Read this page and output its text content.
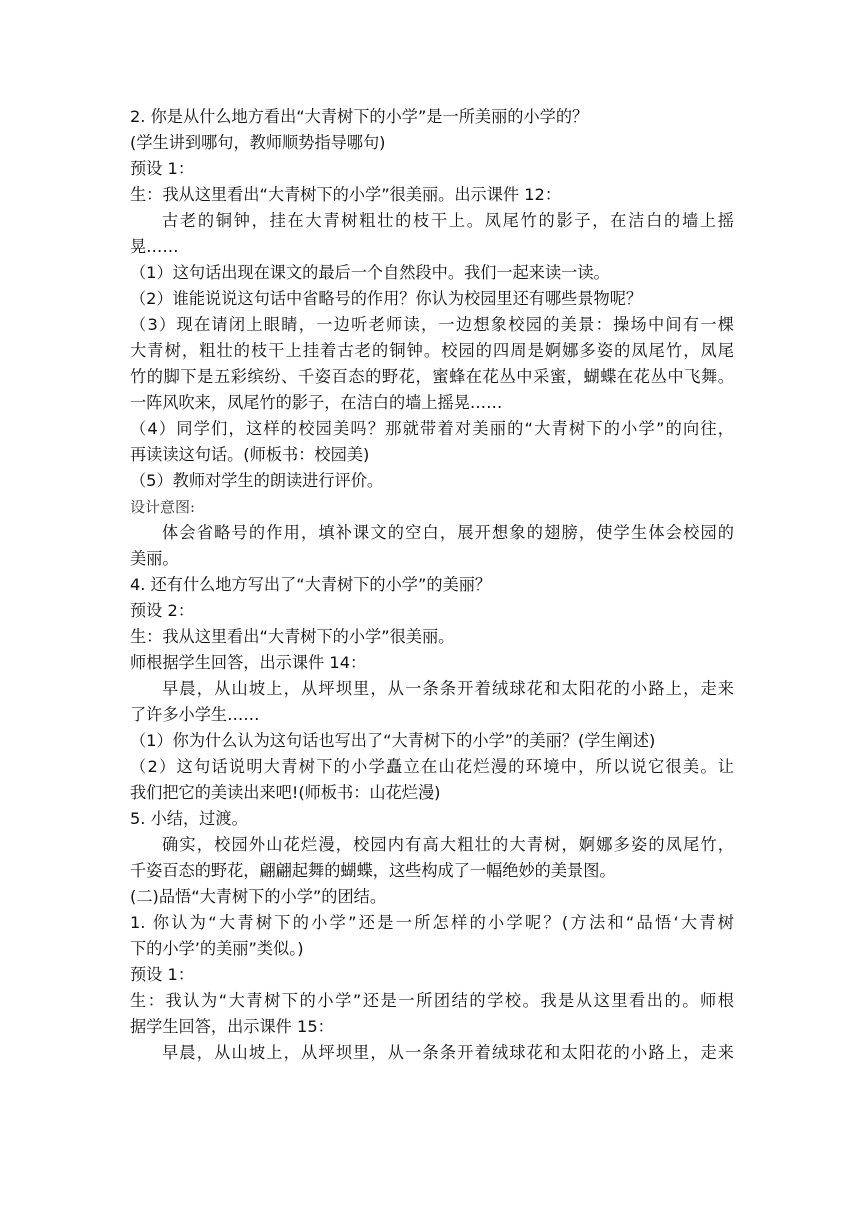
2. 你是从什么地方看出“大青树下的小学”是一所美丽的小学的？
(学生讲到哪句，教师顺势指导哪句)
预设 1：
生：我从这里看出“大青树下的小学”很美丽。出示课件 12：
古老的铜钟，挂在大青树粗壮的枝干上。凤尾竹的影子，在洁白的墙上摇
晃……
（1）这句话出现在课文的最后一个自然段中。我们一起来读一读。
（2）谁能说说这句话中省略号的作用？你认为校园里还有哪些景物呢？
（3）现在请闭上眼睛，一边听老师读，一边想象校园的美景：操场中间有一棵
大青树，粗壮的枝干上挂着古老的铜钟。校园的四周是婀娜多姿的凤尾竹，凤尾
竹的脚下是五彩缤纷、千姿百态的野花，蜜蜂在花丛中采蜜，蝴蝶在花丛中飞舞。
一阵风吹来，凤尾竹的影子，在洁白的墙上摇晃……
（4）同学们，这样的校园美吗？那就带着对美丽的“大青树下的小学”的向往，
再读读这句话。(师板书：校园美)
（5）教师对学生的朗读进行评价。
设计意图:
体会省略号的作用，填补课文的空白，展开想象的翅膀，使学生体会校园的
美丽。
4. 还有什么地方写出了“大青树下的小学”的美丽？
预设 2：
生：我从这里看出“大青树下的小学”很美丽。
师根据学生回答，出示课件 14：
早晨，从山坡上，从坪坝里，从一条条开着绒球花和太阳花的小路上，走来
了许多小学生……
（1）你为什么认为这句话也写出了“大青树下的小学”的美丽？(学生阐述)
（2）这句话说明大青树下的小学矗立在山花烂漫的环境中，所以说它很美。让
我们把它的美读出来吧!(师板书：山花烂漫)
5. 小结，过渡。
确实，校园外山花烂漫，校园内有高大粗壮的大青树，婀娜多姿的凤尾竹，
千姿百态的野花，翩翩起舞的蝴蝶，这些构成了一幅绝妙的美景图。
(二)品悟“大青树下的小学”的团结。
1. 你认为“大青树下的小学”还是一所怎样的小学呢？(方法和“品悟‘大青树
下的小学’的美丽”类似。)
预设 1：
生：我认为“大青树下的小学”还是一所团结的学校。我是从这里看出的。师根
据学生回答，出示课件 15：
早晨，从山坡上，从坪坝里，从一条条开着绒球花和太阳花的小路上，走来
